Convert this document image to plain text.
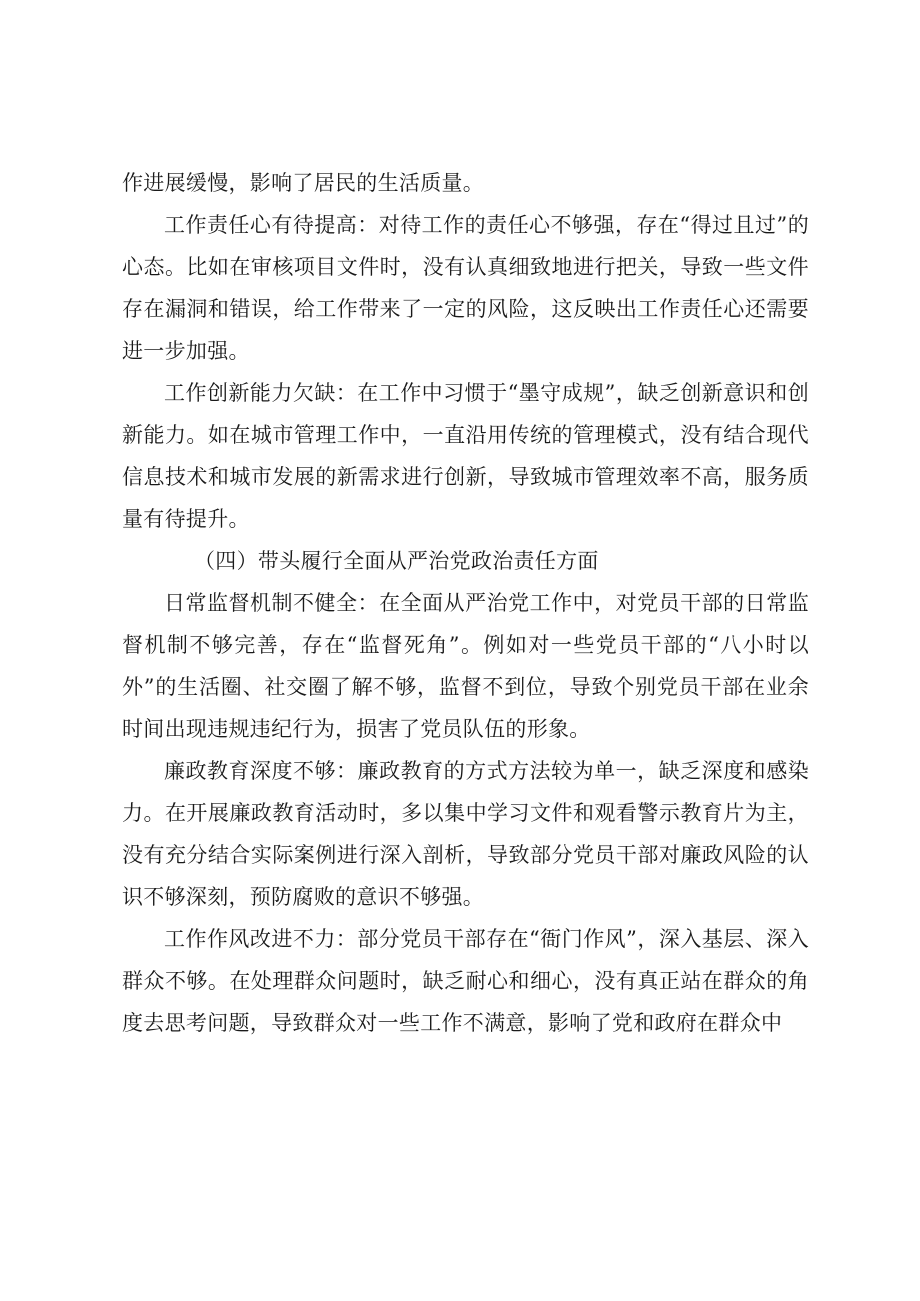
作进展缓慢，影响了居民的生活质量。

工作责任心有待提高：对待工作的责任心不够强，存在“得过且过”的心态。比如在审核项目文件时，没有认真细致地进行把关，导致一些文件存在漏洞和错误，给工作带来了一定的风险，这反映出工作责任心还需要进一步加强。

工作创新能力欠缺：在工作中习惯于“墨守成规”，缺乏创新意识和创新能力。如在城市管理工作中，一直沿用传统的管理模式，没有结合现代信息技术和城市发展的新需求进行创新，导致城市管理效率不高，服务质量有待提升。

（四）带头履行全面从严治党政治责任方面

日常监督机制不健全：在全面从严治党工作中，对党员干部的日常监督机制不够完善，存在“监督死角”。例如对一些党员干部的“八小时以外”的生活圈、社交圈了解不够，监督不到位，导致个别党员干部在业余时间出现违规违纪行为，损害了党员队伍的形象。

廉政教育深度不够：廉政教育的方式方法较为单一，缺乏深度和感染力。在开展廉政教育活动时，多以集中学习文件和观看警示教育片为主，没有充分结合实际案例进行深入剖析，导致部分党员干部对廉政风险的认识不够深刻，预防腐败的意识不够强。

工作作风改进不力：部分党员干部存在“衙门作风”，深入基层、深入群众不够。在处理群众问题时，缺乏耐心和细心，没有真正站在群众的角度去思考问题，导致群众对一些工作不满意，影响了党和政府在群众中
